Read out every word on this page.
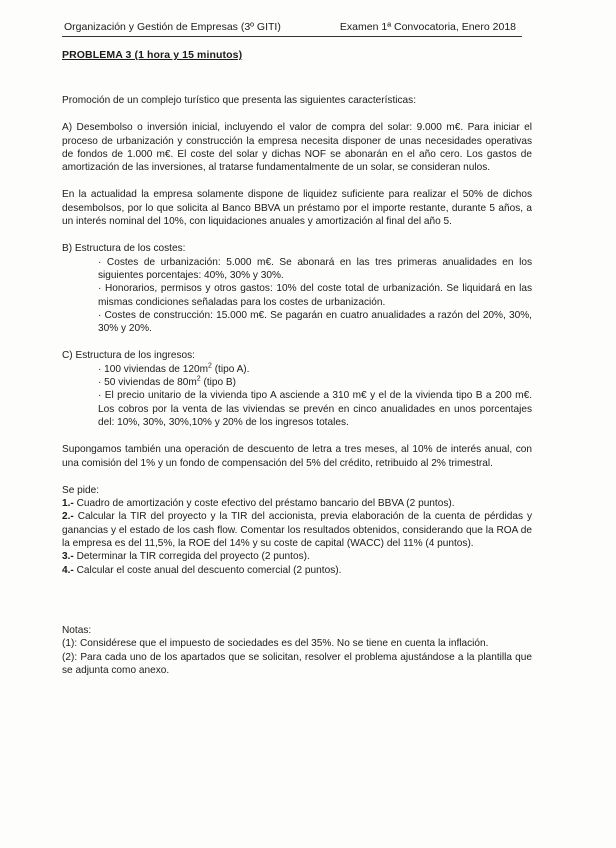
Organización y Gestión de Empresas (3º GITI)	Examen 1ª Convocatoria, Enero 2018
PROBLEMA 3 (1 hora y 15 minutos)

Promoción de un complejo turístico que presenta las siguientes características:

A) Desembolso o inversión inicial, incluyendo el valor de compra del solar: 9.000 m€. Para iniciar el proceso de urbanización y construcción la empresa necesita disponer de unas necesidades operativas de fondos de 1.000 m€. El coste del solar y dichas NOF se abonarán en el año cero. Los gastos de amortización de las inversiones, al tratarse fundamentalmente de un solar, se consideran nulos.

En la actualidad la empresa solamente dispone de liquidez suficiente para realizar el 50% de dichos desembolsos, por lo que solicita al Banco BBVA un préstamo por el importe restante, durante 5 años, a un interés nominal del 10%, con liquidaciones anuales y amortización al final del año 5.

B) Estructura de los costes:

· Costes de urbanización: 5.000 m€. Se abonará en las tres primeras anualidades en los siguientes porcentajes: 40%, 30% y 30%.

· Honorarios, permisos y otros gastos: 10% del coste total de urbanización. Se liquidará en las mismas condiciones señaladas para los costes de urbanización.

· Costes de construcción: 15.000 m€. Se pagarán en cuatro anualidades a razón del 20%, 30%, 30% y 20%.

C) Estructura de los ingresos:

· 100 viviendas de $120m^2$ (tipo A).

· 50 viviendas de $80m^2$ (tipo B)

· El precio unitario de la vivienda tipo A asciende a 310 m€ y el de la vivienda tipo B a 200 m€. Los cobros por la venta de las viviendas se prevén en cinco anualidades en unos porcentajes del: 10%, 30%, 30%,10% y 20% de los ingresos totales.

Supongamos también una operación de descuento de letra a tres meses, al 10% de interés anual, con una comisión del 1% y un fondo de compensación del 5% del crédito, retribuido al 2% trimestral.

Se pide:

1.- Cuadro de amortización y coste efectivo del préstamo bancario del BBVA (2 puntos).

2.- Calcular la TIR del proyecto y la TIR del accionista, previa elaboración de la cuenta de pérdidas y ganancias y el estado de los cash flow. Comentar los resultados obtenidos, considerando que la ROA de la empresa es del 11,5%, la ROE del 14% y su coste de capital (WACC) del 11% (4 puntos).

3.- Determinar la TIR corregida del proyecto (2 puntos).

4.- Calcular el coste anual del descuento comercial (2 puntos).

Notas:

(1): Considérese que el impuesto de sociedades es del 35%. No se tiene en cuenta la inflación.

(2): Para cada uno de los apartados que se solicitan, resolver el problema ajustándose a la plantilla que se adjunta como anexo.
